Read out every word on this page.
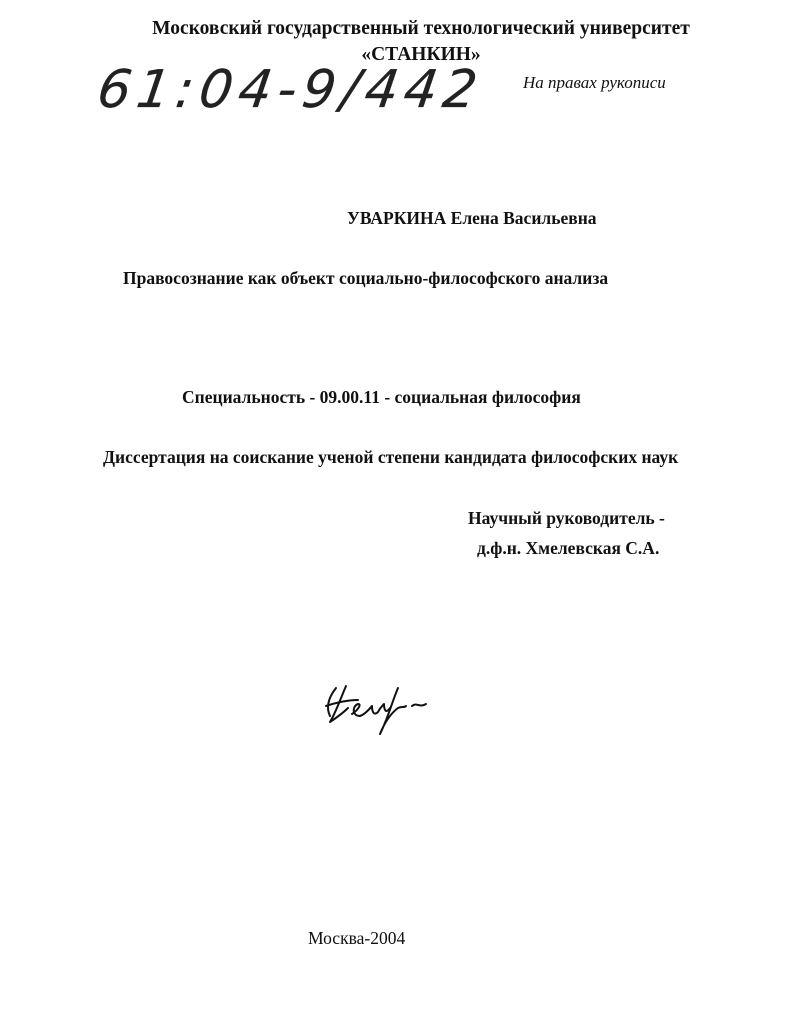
Московский государственный технологический университет
«СТАНКИН»
61:04-9/442 На правах рукописи
УВАРКИНА Елена Васильевна
Правосознание как объект социально-философского анализа
Специальность - 09.00.11 - социальная философия
Диссертация на соискание ученой степени кандидата философских наук
Научный руководитель -
д.ф.н. Хмелевская С.А.
Москва-2004
